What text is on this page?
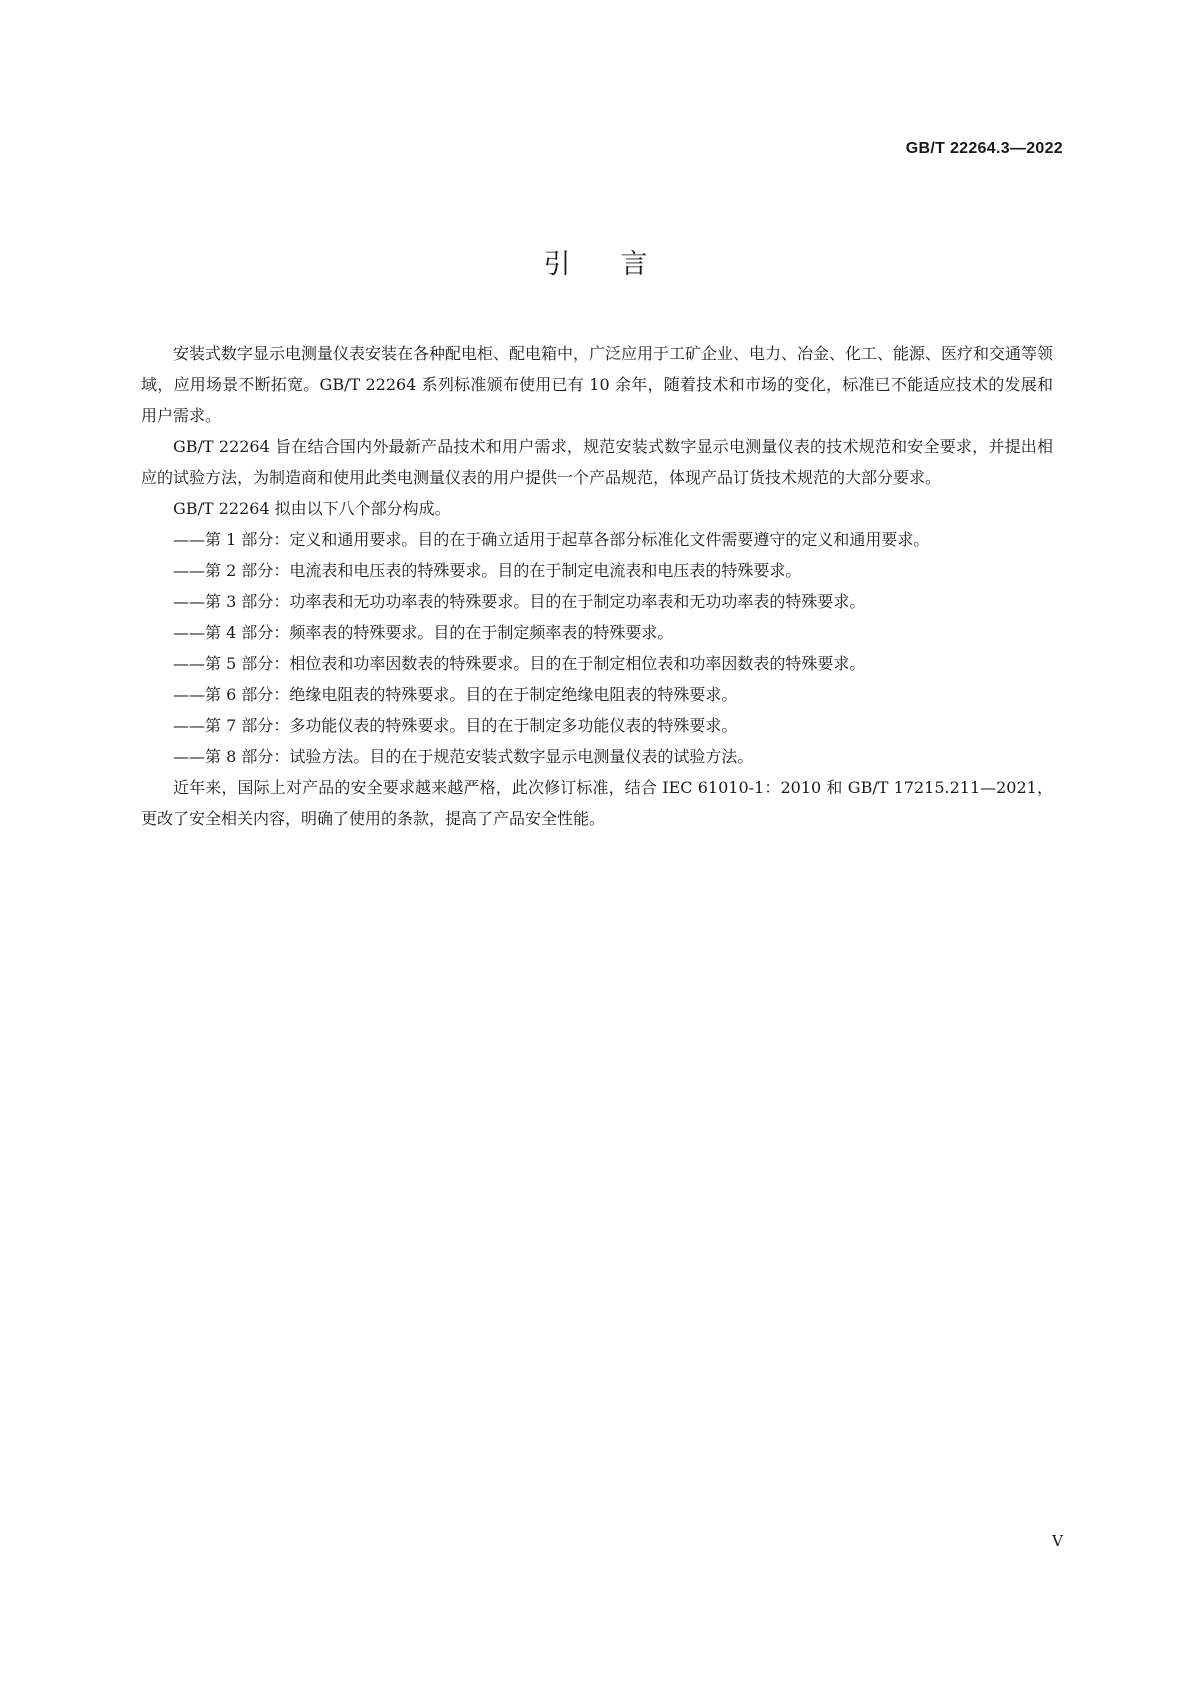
GB/T 22264.3—2022
引言

安装式数字显示电测量仪表安装在各种配电柜、配电箱中，广泛应用于工矿企业、电力、冶金、化工、能源、医疗和交通等领域，应用场景不断拓宽。GB/T 22264 系列标准颁布使用已有 10 余年，随着技术和市场的变化，标准已不能适应技术的发展和用户需求。

GB/T 22264 旨在结合国内外最新产品技术和用户需求，规范安装式数字显示电测量仪表的技术规范和安全要求，并提出相应的试验方法，为制造商和使用此类电测量仪表的用户提供一个产品规范，体现产品订货技术规范的大部分要求。

GB/T 22264 拟由以下八个部分构成。

——第 1 部分：定义和通用要求。目的在于确立适用于起草各部分标准化文件需要遵守的定义和通用要求。
——第 2 部分：电流表和电压表的特殊要求。目的在于制定电流表和电压表的特殊要求。
——第 3 部分：功率表和无功功率表的特殊要求。目的在于制定功率表和无功功率表的特殊要求。
——第 4 部分：频率表的特殊要求。目的在于制定频率表的特殊要求。
——第 5 部分：相位表和功率因数表的特殊要求。目的在于制定相位表和功率因数表的特殊要求。
——第 6 部分：绝缘电阻表的特殊要求。目的在于制定绝缘电阻表的特殊要求。
——第 7 部分：多功能仪表的特殊要求。目的在于制定多功能仪表的特殊要求。
——第 8 部分：试验方法。目的在于规范安装式数字显示电测量仪表的试验方法。

近年来，国际上对产品的安全要求越来越严格，此次修订标准，结合 IEC 61010-1：2010 和 GB/T 17215.211—2021，更改了安全相关内容，明确了使用的条款，提高了产品安全性能。

V
